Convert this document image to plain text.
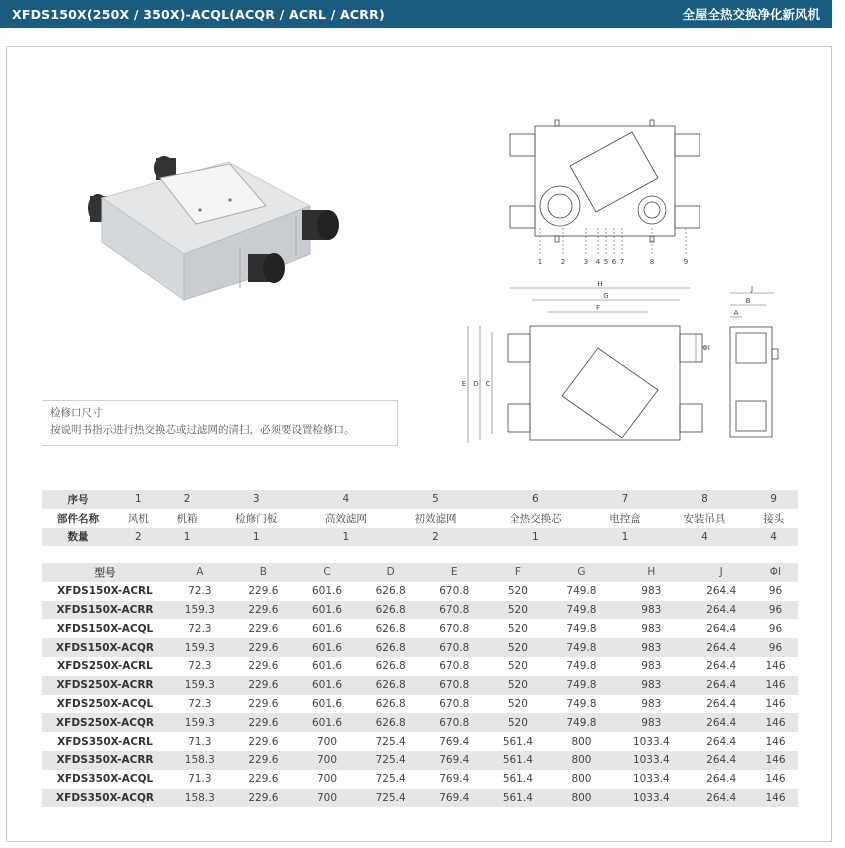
XFDS150X(250X / 350X)-ACQL(ACQR / ACRL / ACRR)	全屋全热交换净化新风机
1	2	3 4 5 6 7	8	9
H
G
F
E D C
ΦI
J
B
A
检修口尺寸
按说明书指示进行热交换芯或过滤网的清扫，必须要设置检修口。
序号	1	2	3	4	5	6	7	8	9
部件名称	风机	机箱	检修门板	高效滤网	初效滤网	全热交换芯	电控盒	安装吊具	接头
数量	2	1	1	1	2	1	1	4	4
型号	A	B	C	D	E	F	G	H	J	ΦI
XFDS150X-ACRL	72.3	229.6	601.6	626.8	670.8	520	749.8	983	264.4	96
XFDS150X-ACRR	159.3	229.6	601.6	626.8	670.8	520	749.8	983	264.4	96
XFDS150X-ACQL	72.3	229.6	601.6	626.8	670.8	520	749.8	983	264.4	96
XFDS150X-ACQR	159.3	229.6	601.6	626.8	670.8	520	749.8	983	264.4	96
XFDS250X-ACRL	72.3	229.6	601.6	626.8	670.8	520	749.8	983	264.4	146
XFDS250X-ACRR	159.3	229.6	601.6	626.8	670.8	520	749.8	983	264.4	146
XFDS250X-ACQL	72.3	229.6	601.6	626.8	670.8	520	749.8	983	264.4	146
XFDS250X-ACQR	159.3	229.6	601.6	626.8	670.8	520	749.8	983	264.4	146
XFDS350X-ACRL	71.3	229.6	700	725.4	769.4	561.4	800	1033.4	264.4	146
XFDS350X-ACRR	158.3	229.6	700	725.4	769.4	561.4	800	1033.4	264.4	146
XFDS350X-ACQL	71.3	229.6	700	725.4	769.4	561.4	800	1033.4	264.4	146
XFDS350X-ACQR	158.3	229.6	700	725.4	769.4	561.4	800	1033.4	264.4	146
